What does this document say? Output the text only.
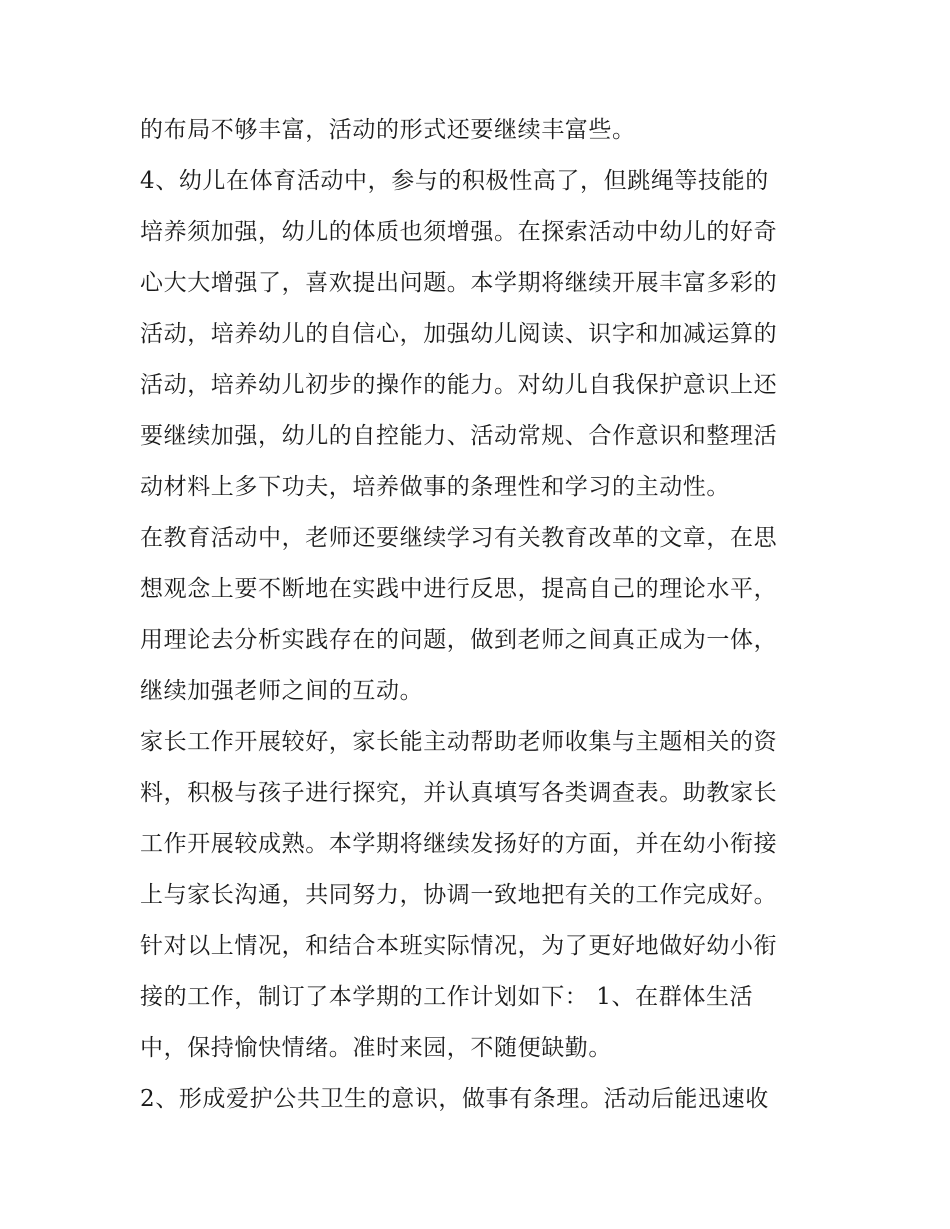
的布局不够丰富，活动的形式还要继续丰富些。
4、幼儿在体育活动中，参与的积极性高了，但跳绳等技能的
培养须加强，幼儿的体质也须增强。在探索活动中幼儿的好奇
心大大增强了，喜欢提出问题。本学期将继续开展丰富多彩的
活动，培养幼儿的自信心，加强幼儿阅读、识字和加减运算的
活动，培养幼儿初步的操作的能力。对幼儿自我保护意识上还
要继续加强，幼儿的自控能力、活动常规、合作意识和整理活
动材料上多下功夫，培养做事的条理性和学习的主动性。
在教育活动中，老师还要继续学习有关教育改革的文章，在思
想观念上要不断地在实践中进行反思，提高自己的理论水平，
用理论去分析实践存在的问题，做到老师之间真正成为一体，
继续加强老师之间的互动。
家长工作开展较好，家长能主动帮助老师收集与主题相关的资
料，积极与孩子进行探究，并认真填写各类调查表。助教家长
工作开展较成熟。本学期将继续发扬好的方面，并在幼小衔接
上与家长沟通，共同努力，协调一致地把有关的工作完成好。
针对以上情况，和结合本班实际情况，为了更好地做好幼小衔
接的工作，制订了本学期的工作计划如下： 1、在群体生活
中，保持愉快情绪。准时来园，不随便缺勤。
2、形成爱护公共卫生的意识，做事有条理。活动后能迅速收
